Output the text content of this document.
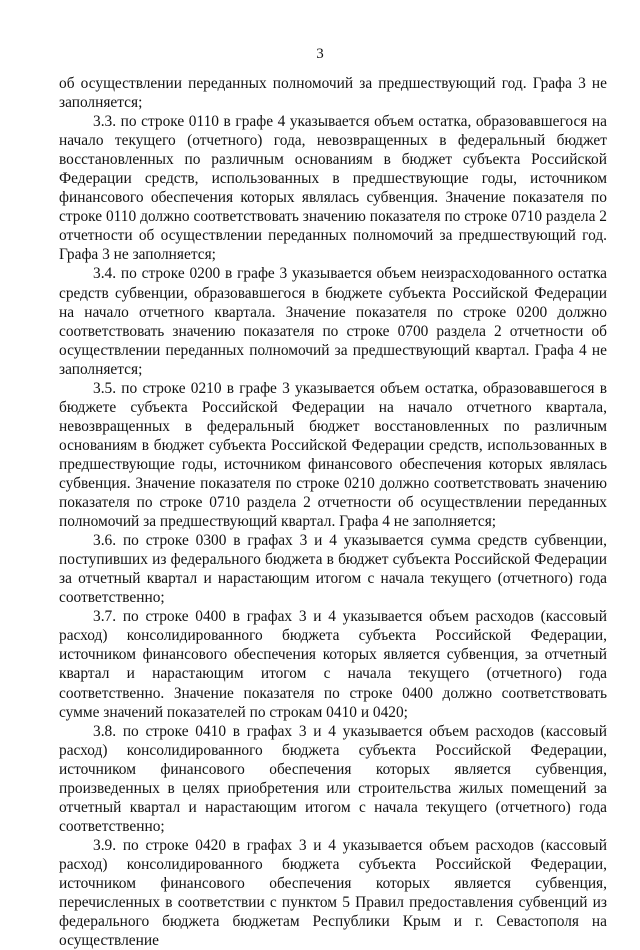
3

об осуществлении переданных полномочий за предшествующий год. Графа 3 не заполняется;

3.3. по строке 0110 в графе 4 указывается объем остатка, образовавшегося на начало текущего (отчетного) года, невозвращенных в федеральный бюджет восстановленных по различным основаниям в бюджет субъекта Российской Федерации средств, использованных в предшествующие годы, источником финансового обеспечения которых являлась субвенция. Значение показателя по строке 0110 должно соответствовать значению показателя по строке 0710 раздела 2 отчетности об осуществлении переданных полномочий за предшествующий год. Графа 3 не заполняется;

3.4. по строке 0200 в графе 3 указывается объем неизрасходованного остатка средств субвенции, образовавшегося в бюджете субъекта Российской Федерации на начало отчетного квартала. Значение показателя по строке 0200 должно соответствовать значению показателя по строке 0700 раздела 2 отчетности об осуществлении переданных полномочий за предшествующий квартал. Графа 4 не заполняется;

3.5. по строке 0210 в графе 3 указывается объем остатка, образовавшегося в бюджете субъекта Российской Федерации на начало отчетного квартала, невозвращенных в федеральный бюджет восстановленных по различным основаниям в бюджет субъекта Российской Федерации средств, использованных в предшествующие годы, источником финансового обеспечения которых являлась субвенция. Значение показателя по строке 0210 должно соответствовать значению показателя по строке 0710 раздела 2 отчетности об осуществлении переданных полномочий за предшествующий квартал. Графа 4 не заполняется;

3.6. по строке 0300 в графах 3 и 4 указывается сумма средств субвенции, поступивших из федерального бюджета в бюджет субъекта Российской Федерации за отчетный квартал и нарастающим итогом с начала текущего (отчетного) года соответственно;

3.7. по строке 0400 в графах 3 и 4 указывается объем расходов (кассовый расход) консолидированного бюджета субъекта Российской Федерации, источником финансового обеспечения которых является субвенция, за отчетный квартал и нарастающим итогом с начала текущего (отчетного) года соответственно. Значение показателя по строке 0400 должно соответствовать сумме значений показателей по строкам 0410 и 0420;

3.8. по строке 0410 в графах 3 и 4 указывается объем расходов (кассовый расход) консолидированного бюджета субъекта Российской Федерации, источником финансового обеспечения которых является субвенция, произведенных в целях приобретения или строительства жилых помещений за отчетный квартал и нарастающим итогом с начала текущего (отчетного) года соответственно;

3.9. по строке 0420 в графах 3 и 4 указывается объем расходов (кассовый расход) консолидированного бюджета субъекта Российской Федерации, источником финансового обеспечения которых является субвенция, перечисленных в соответствии с пунктом 5 Правил предоставления субвенций из федерального бюджета бюджетам Республики Крым и г. Севастополя на осуществление
